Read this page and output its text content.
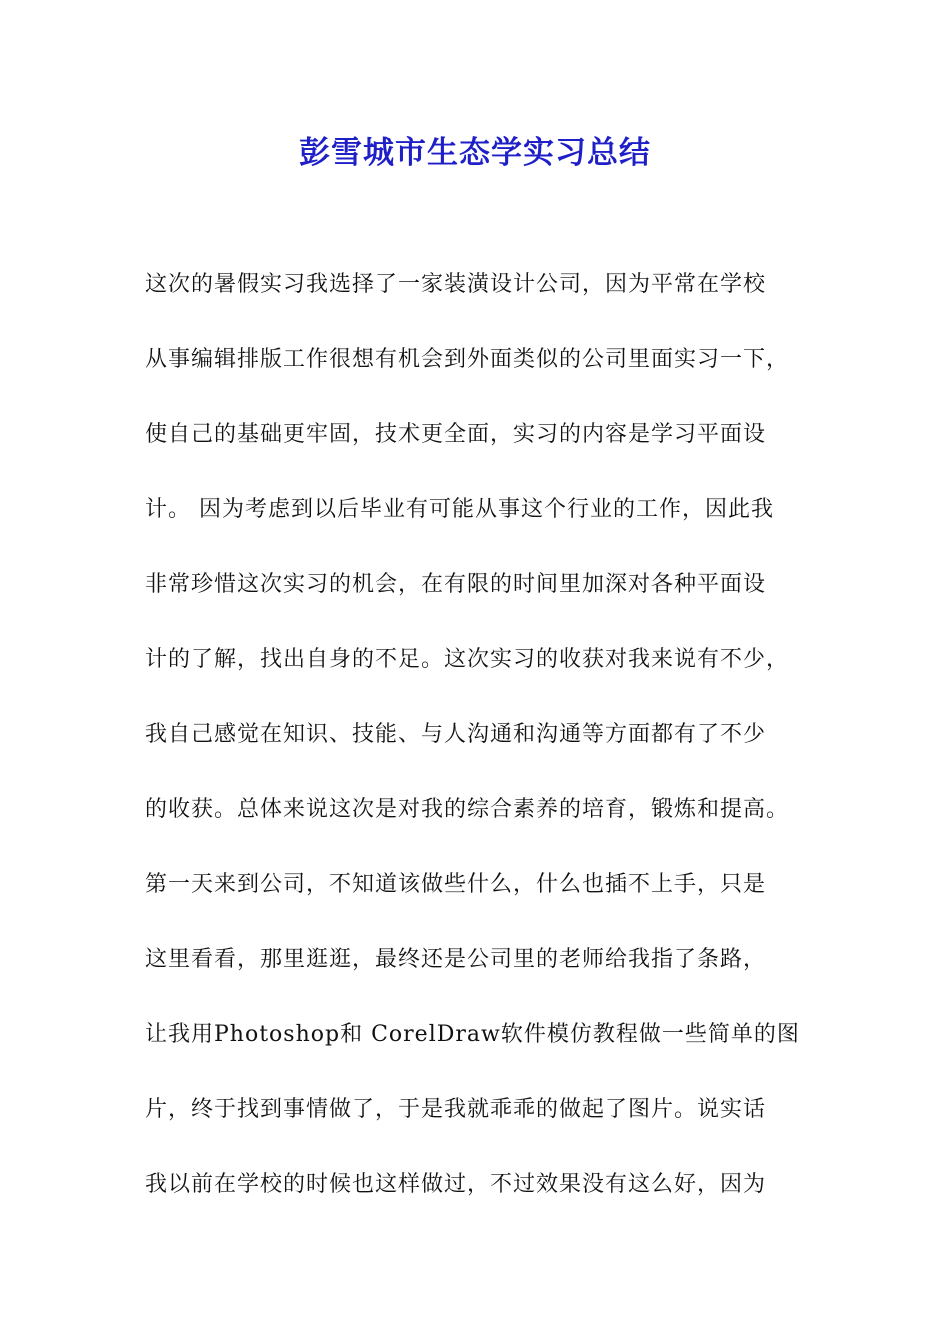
彭雪城市生态学实习总结
这次的暑假实习我选择了一家装潢设计公司，因为平常在学校
从事编辑排版工作很想有机会到外面类似的公司里面实习一下，
使自己的基础更牢固，技术更全面，实习的内容是学习平面设
计。 因为考虑到以后毕业有可能从事这个行业的工作，因此我
非常珍惜这次实习的机会，在有限的时间里加深对各种平面设
计的了解，找出自身的不足。这次实习的收获对我来说有不少，
我自己感觉在知识、技能、与人沟通和沟通等方面都有了不少
的收获。总体来说这次是对我的综合素养的培育，锻炼和提高。
第一天来到公司，不知道该做些什么，什么也插不上手，只是
这里看看，那里逛逛，最终还是公司里的老师给我指了条路，
让我用Photoshop和 CorelDraw软件模仿教程做一些简单的图
片，终于找到事情做了，于是我就乖乖的做起了图片。说实话
我以前在学校的时候也这样做过，不过效果没有这么好，因为
